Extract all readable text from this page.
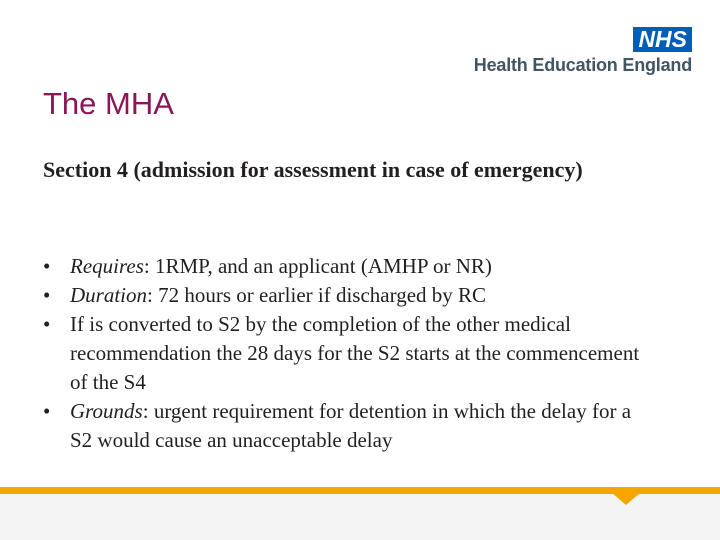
NHS
Health Education England
The MHA

Section 4 (admission for assessment in case of emergency)

• Requires: 1RMP, and an applicant (AMHP or NR)
• Duration: 72 hours or earlier if discharged by RC
• If is converted to S2 by the completion of the other medical recommendation the 28 days for the S2 starts at the commencement of the S4
• Grounds: urgent requirement for detention in which the delay for a S2 would cause an unacceptable delay
